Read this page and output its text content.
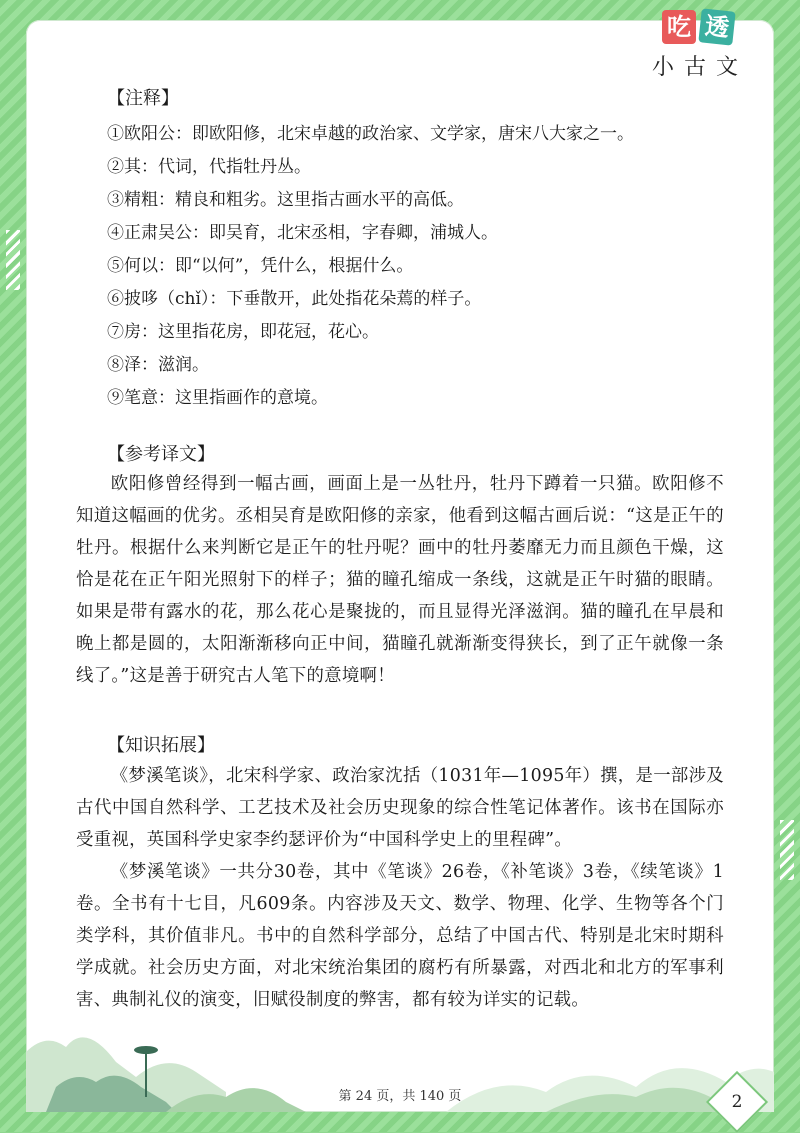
吃 透
小古文
【注释】
①欧阳公：即欧阳修，北宋卓越的政治家、文学家，唐宋八大家之一。
②其：代词，代指牡丹丛。
③精粗：精良和粗劣。这里指古画水平的高低。
④正肃吴公：即吴育，北宋丞相，字春卿，浦城人。
⑤何以：即“以何”，凭什么，根据什么。
⑥披哆（chǐ）：下垂散开，此处指花朵蔫的样子。
⑦房：这里指花房，即花冠，花心。
⑧泽：滋润。
⑨笔意：这里指画作的意境。
【参考译文】
欧阳修曾经得到一幅古画，画面上是一丛牡丹，牡丹下蹲着一只猫。欧阳修不知道这幅画的优劣。丞相吴育是欧阳修的亲家，他看到这幅古画后说：“这是正午的牡丹。根据什么来判断它是正午的牡丹呢？画中的牡丹萎靡无力而且颜色干燥，这恰是花在正午阳光照射下的样子；猫的瞳孔缩成一条线，这就是正午时猫的眼睛。如果是带有露水的花，那么花心是聚拢的，而且显得光泽滋润。猫的瞳孔在早晨和晚上都是圆的，太阳渐渐移向正中间，猫瞳孔就渐渐变得狭长，到了正午就像一条线了。”这是善于研究古人笔下的意境啊！
【知识拓展】
《梦溪笔谈》，北宋科学家、政治家沈括（1031年—1095年）撰，是一部涉及古代中国自然科学、工艺技术及社会历史现象的综合性笔记体著作。该书在国际亦受重视，英国科学史家李约瑟评价为“中国科学史上的里程碑”。
《梦溪笔谈》一共分30卷，其中《笔谈》26卷，《补笔谈》3卷，《续笔谈》1卷。全书有十七目，凡609条。内容涉及天文、数学、物理、化学、生物等各个门类学科，其价值非凡。书中的自然科学部分，总结了中国古代、特别是北宋时期科学成就。社会历史方面，对北宋统治集团的腐朽有所暴露，对西北和北方的军事利害、典制礼仪的演变，旧赋役制度的弊害，都有较为详实的记载。
第 24 页，共 140 页	2
